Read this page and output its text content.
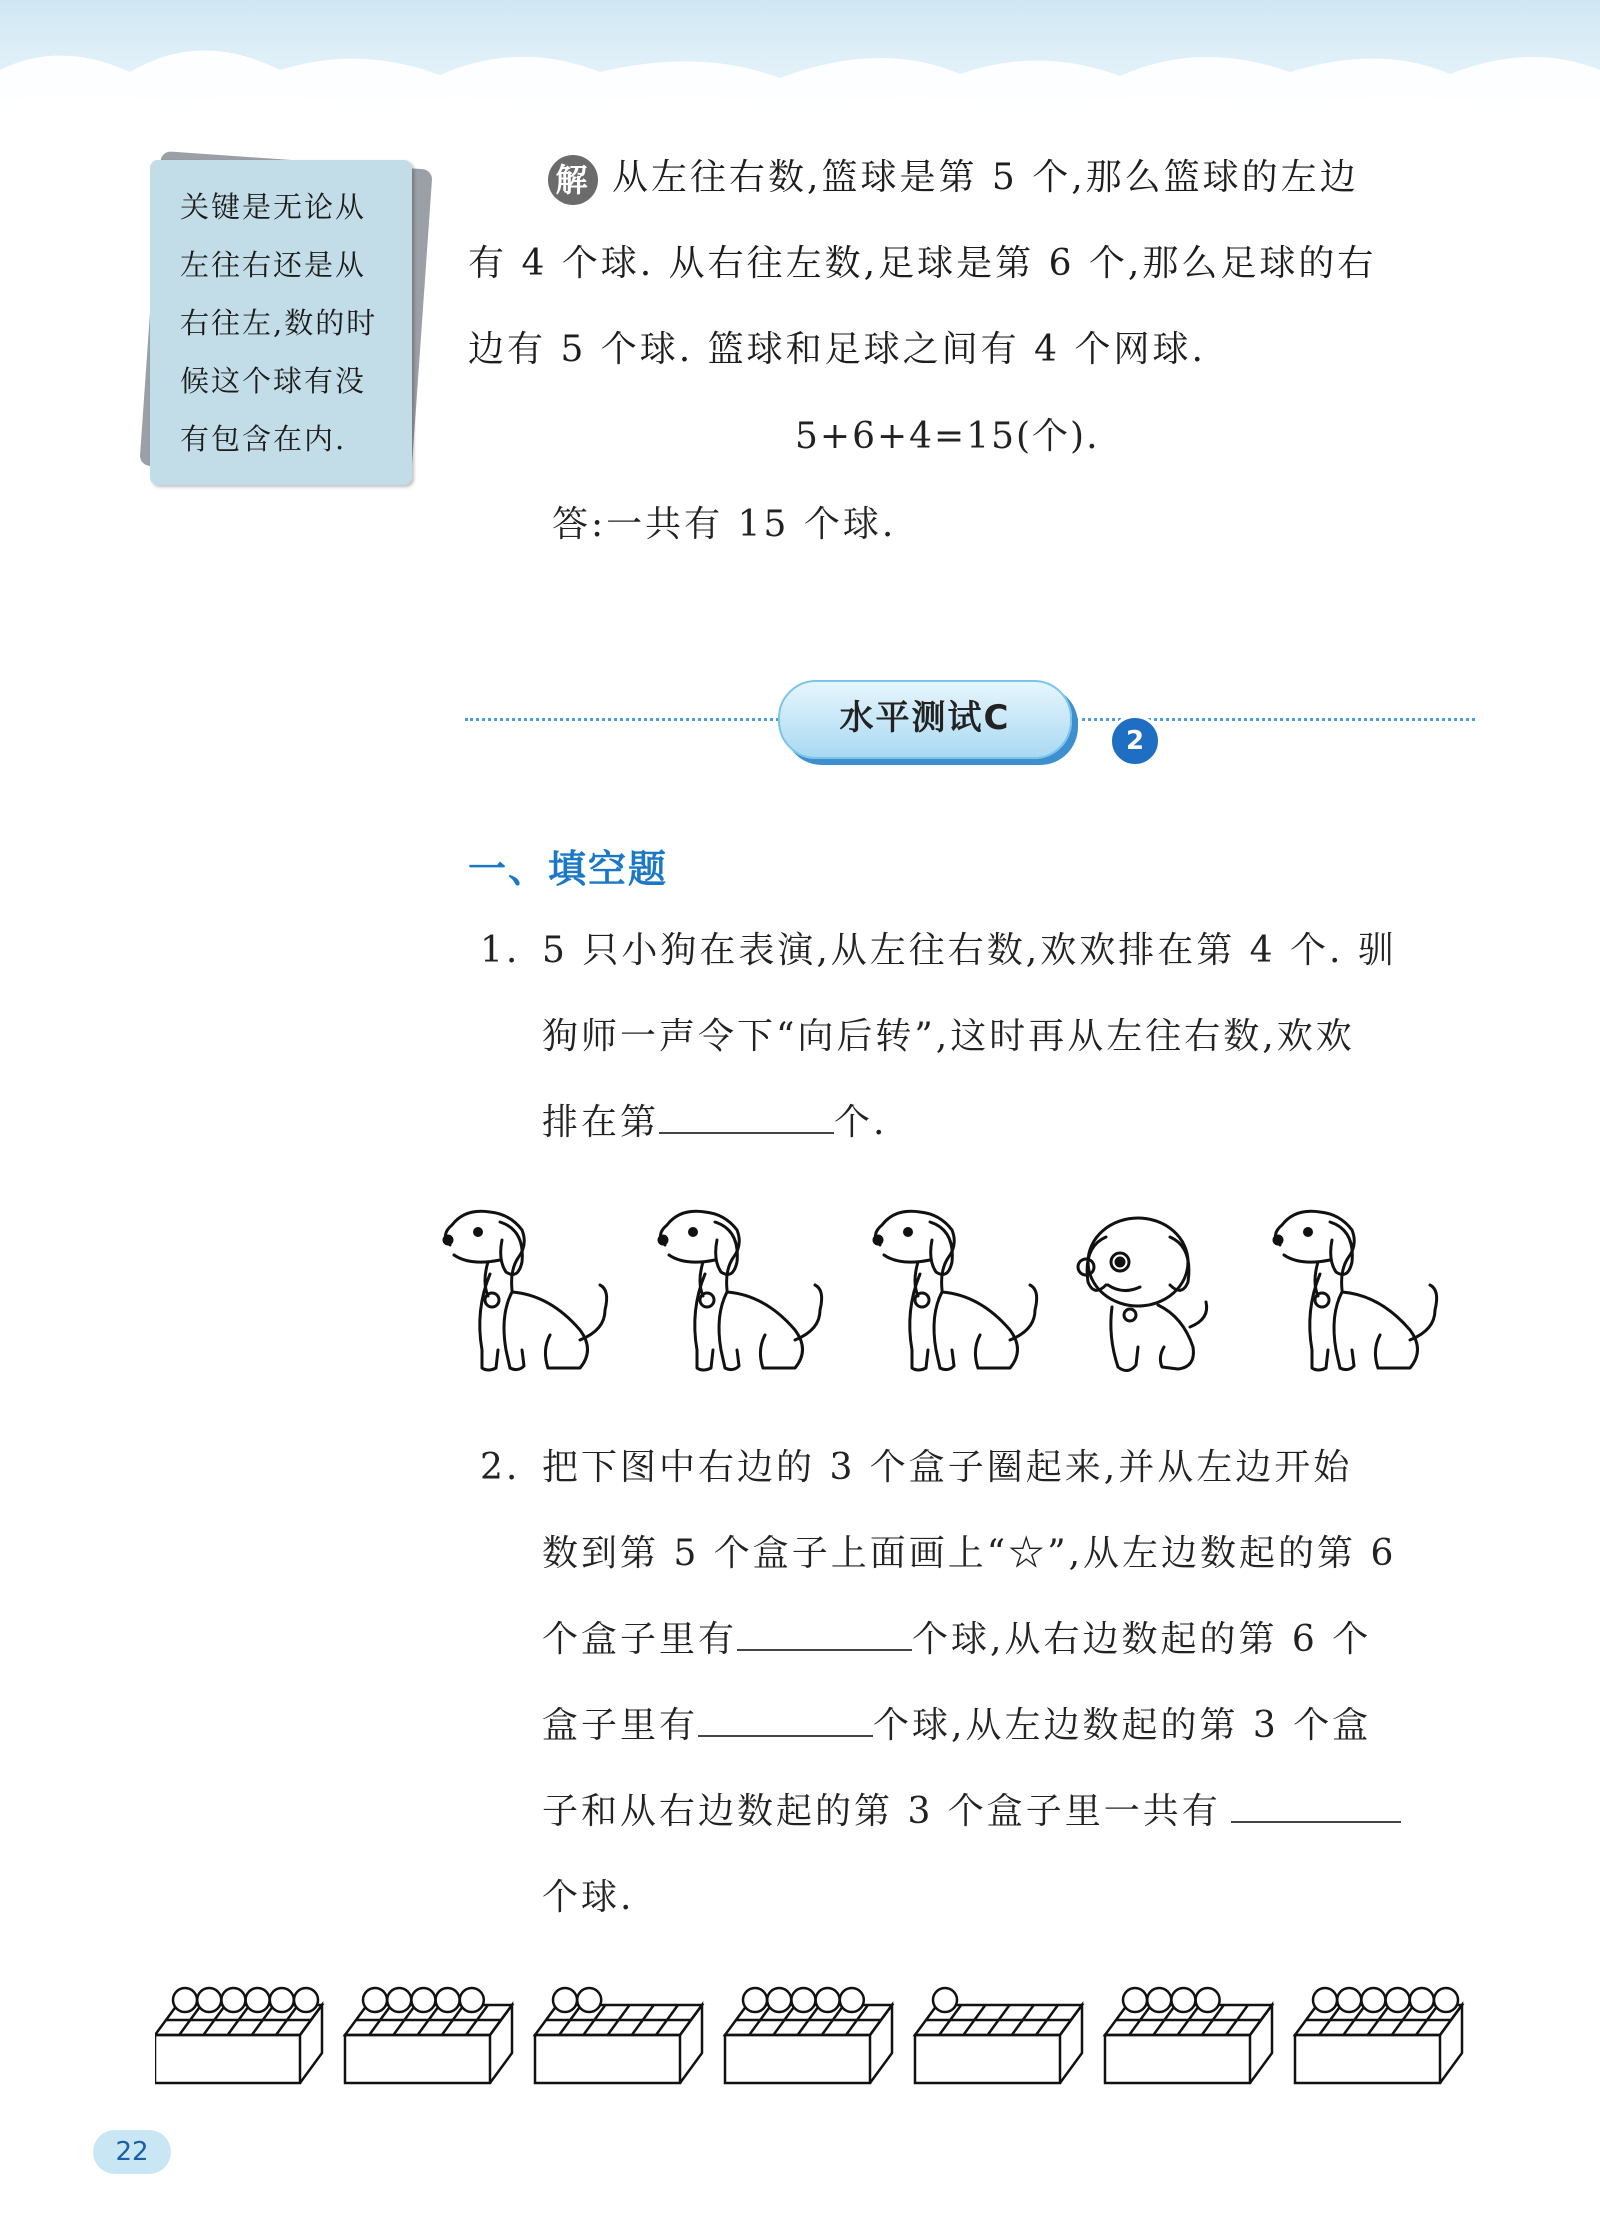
关键是无论从
左往右还是从
右往左,数的时
候这个球有没
有包含在内.
解 从左往右数,篮球是第 5 个,那么篮球的左边
有 4 个球. 从右往左数,足球是第 6 个,那么足球的右
边有 5 个球. 篮球和足球之间有 4 个网球.
5+6+4=15(个).
答:一共有 15 个球.
水平测试C
2
一、填空题
1. 5 只小狗在表演,从左往右数,欢欢排在第 4 个. 驯
狗师一声令下“向后转”,这时再从左往右数,欢欢
排在第	个.
2. 把下图中右边的 3 个盒子圈起来,并从左边开始
数到第 5 个盒子上面画上“☆”,从左边数起的第 6
个盒子里有	个球,从右边数起的第 6 个
盒子里有	个球,从左边数起的第 3 个盒
子和从右边数起的第 3 个盒子里一共有
个球.
22
